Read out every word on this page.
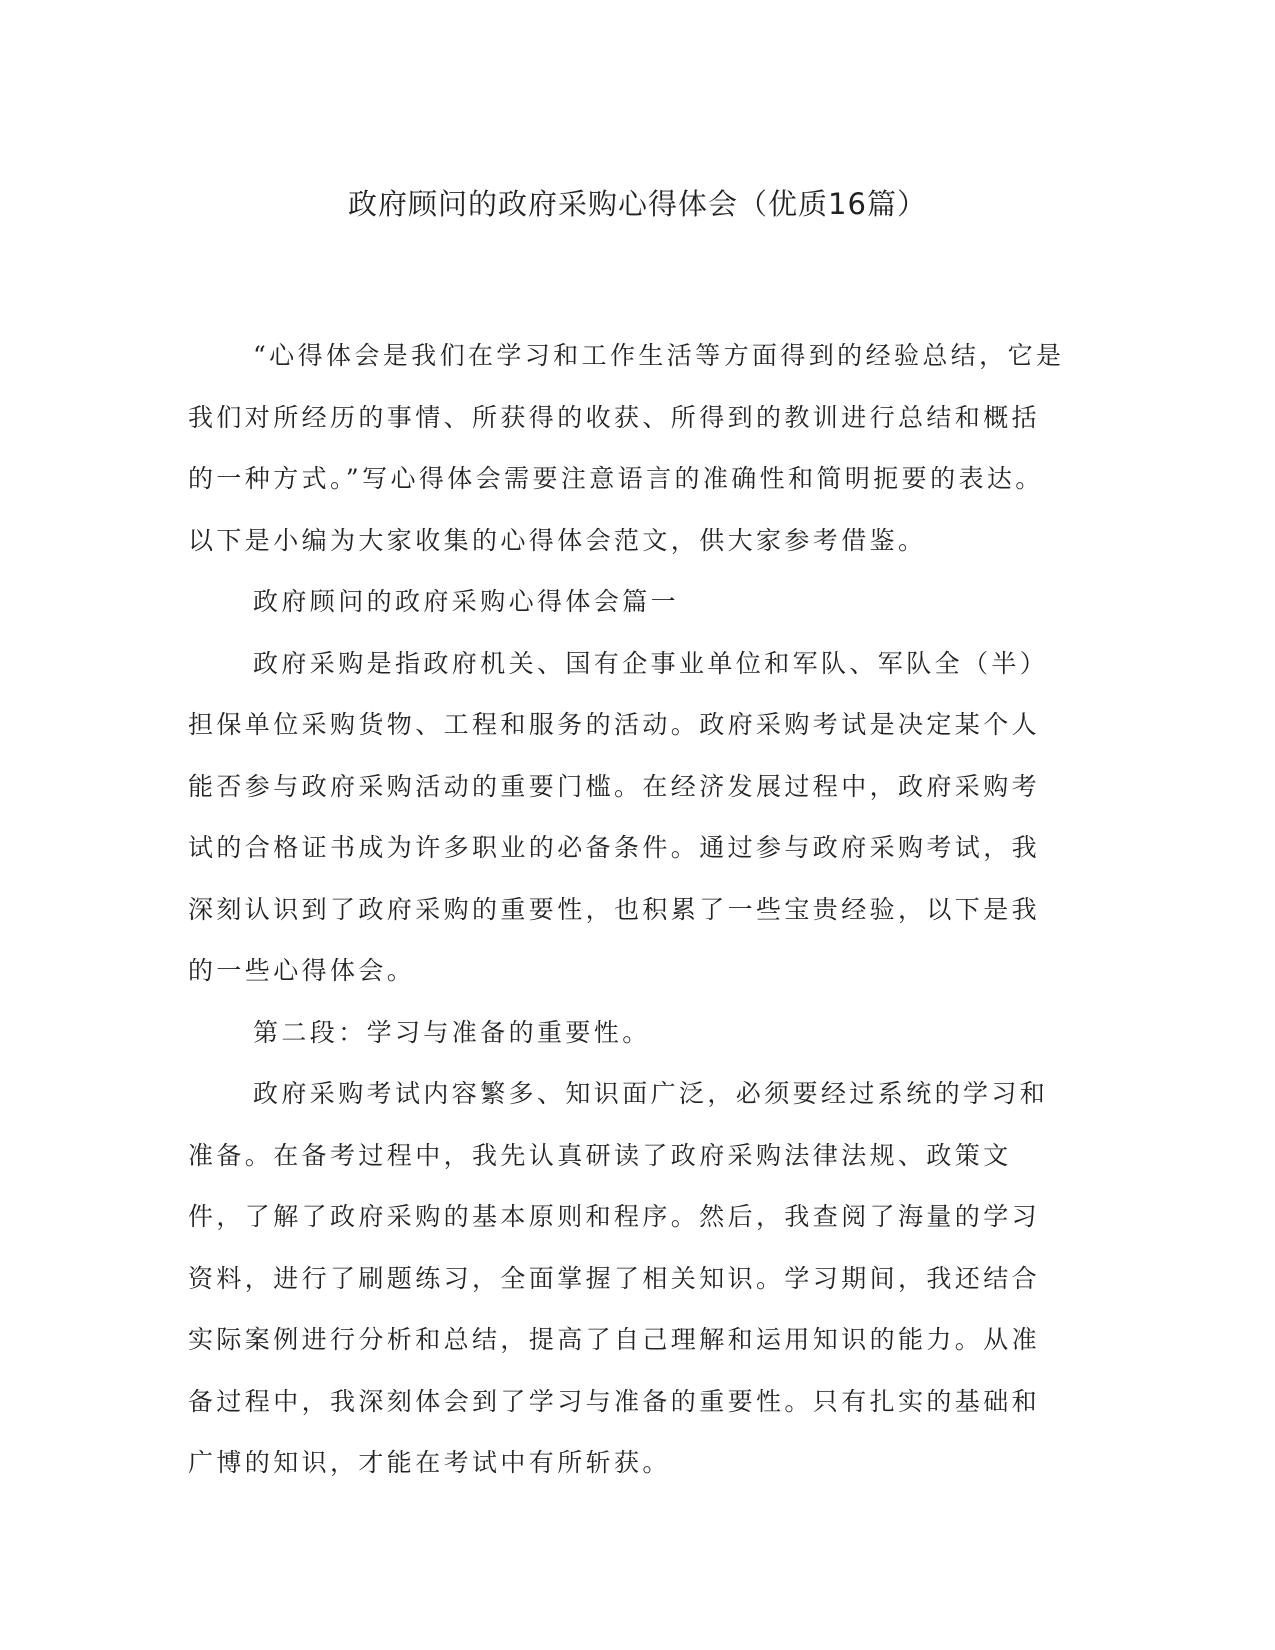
政府顾问的政府采购心得体会（优质16篇）

“心得体会是我们在学习和工作生活等方面得到的经验总结，它是我们对所经历的事情、所获得的收获、所得到的教训进行总结和概括的一种方式。”写心得体会需要注意语言的准确性和简明扼要的表达。以下是小编为大家收集的心得体会范文，供大家参考借鉴。

政府顾问的政府采购心得体会篇一

政府采购是指政府机关、国有企事业单位和军队、军队全（半）担保单位采购货物、工程和服务的活动。政府采购考试是决定某个人能否参与政府采购活动的重要门槛。在经济发展过程中，政府采购考试的合格证书成为许多职业的必备条件。通过参与政府采购考试，我深刻认识到了政府采购的重要性，也积累了一些宝贵经验，以下是我的一些心得体会。

第二段：学习与准备的重要性。

政府采购考试内容繁多、知识面广泛，必须要经过系统的学习和准备。在备考过程中，我先认真研读了政府采购法律法规、政策文件，了解了政府采购的基本原则和程序。然后，我查阅了海量的学习资料，进行了刷题练习，全面掌握了相关知识。学习期间，我还结合实际案例进行分析和总结，提高了自己理解和运用知识的能力。从准备过程中，我深刻体会到了学习与准备的重要性。只有扎实的基础和广博的知识，才能在考试中有所斩获。
